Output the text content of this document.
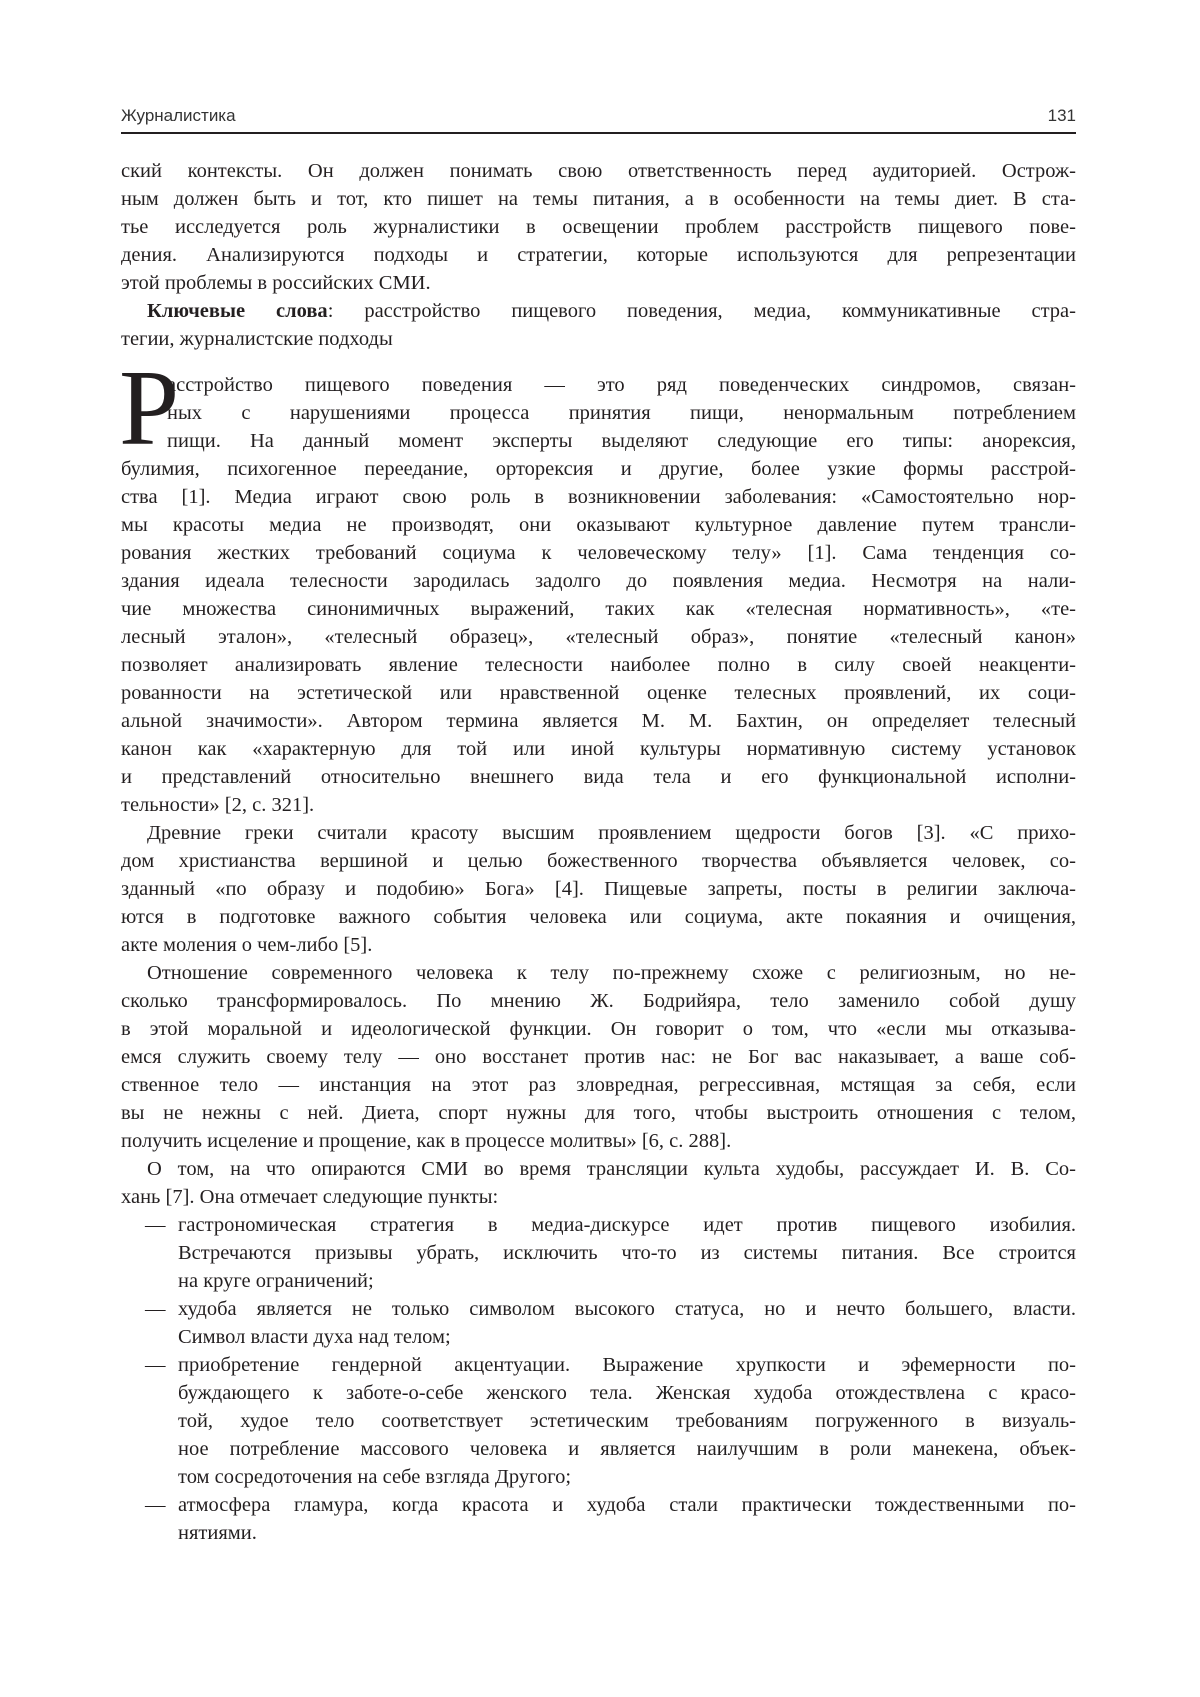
Журналистика	131
ский контексты. Он должен понимать свою ответственность перед аудиторией. Острож-
ным должен быть и тот, кто пишет на темы питания, а в особенности на темы диет. В ста-
тье исследуется роль журналистики в освещении проблем расстройств пищевого пове-
дения. Анализируются подходы и стратегии, которые используются для репрезентации
этой проблемы в российских СМИ.
Ключевые слова: расстройство пищевого поведения, медиа, коммуникативные стра-
тегии, журналистские подходы
Р
асстройство пищевого поведения — это ряд поведенческих синдромов, связан-
ных с нарушениями процесса принятия пищи, ненормальным потреблением
пищи. На данный момент эксперты выделяют следующие его типы: анорексия,
булимия, психогенное переедание, орторексия и другие, более узкие формы расстрой-
ства [1]. Медиа играют свою роль в возникновении заболевания: «Самостоятельно нор-
мы красоты медиа не производят, они оказывают культурное давление путем трансли-
рования жестких требований социума к человеческому телу» [1]. Сама тенденция со-
здания идеала телесности зародилась задолго до появления медиа. Несмотря на нали-
чие множества синонимичных выражений, таких как «телесная нормативность», «те-
лесный эталон», «телесный образец», «телесный образ», понятие «телесный канон»
позволяет анализировать явление телесности наиболее полно в силу своей неакценти-
рованности на эстетической или нравственной оценке телесных проявлений, их соци-
альной значимости». Автором термина является М. М. Бахтин, он определяет телесный
канон как «характерную для той или иной культуры нормативную систему установок
и представлений относительно внешнего вида тела и его функциональной исполни-
тельности» [2, с. 321].
Древние греки считали красоту высшим проявлением щедрости богов [3]. «С прихо-
дом христианства вершиной и целью божественного творчества объявляется человек, со-
зданный «по образу и подобию» Бога» [4]. Пищевые запреты, посты в религии заключа-
ются в подготовке важного события человека или социума, акте покаяния и очищения,
акте моления о чем-либо [5].
Отношение современного человека к телу по-прежнему схоже с религиозным, но не-
сколько трансформировалось. По мнению Ж. Бодрийяра, тело заменило собой душу
в этой моральной и идеологической функции. Он говорит о том, что «если мы отказыва-
емся служить своему телу — оно восстанет против нас: не Бог вас наказывает, а ваше соб-
ственное тело — инстанция на этот раз зловредная, регрессивная, мстящая за себя, если
вы не нежны с ней. Диета, спорт нужны для того, чтобы выстроить отношения с телом,
получить исцеление и прощение, как в процессе молитвы» [6, с. 288].
О том, на что опираются СМИ во время трансляции культа худобы, рассуждает И. В. Со-
хань [7]. Она отмечает следующие пункты:
— гастрономическая стратегия в медиа-дискурсе идет против пищевого изобилия.
Встречаются призывы убрать, исключить что-то из системы питания. Все строится
на круге ограничений;
— худоба является не только символом высокого статуса, но и нечто большего, власти.
Символ власти духа над телом;
— приобретение гендерной акцентуации. Выражение хрупкости и эфемерности по-
буждающего к заботе-о-себе женского тела. Женская худоба отождествлена с красо-
той, худое тело соответствует эстетическим требованиям погруженного в визуаль-
ное потребление массового человека и является наилучшим в роли манекена, объек-
том сосредоточения на себе взгляда Другого;
— атмосфера гламура, когда красота и худоба стали практически тождественными по-
нятиями.
